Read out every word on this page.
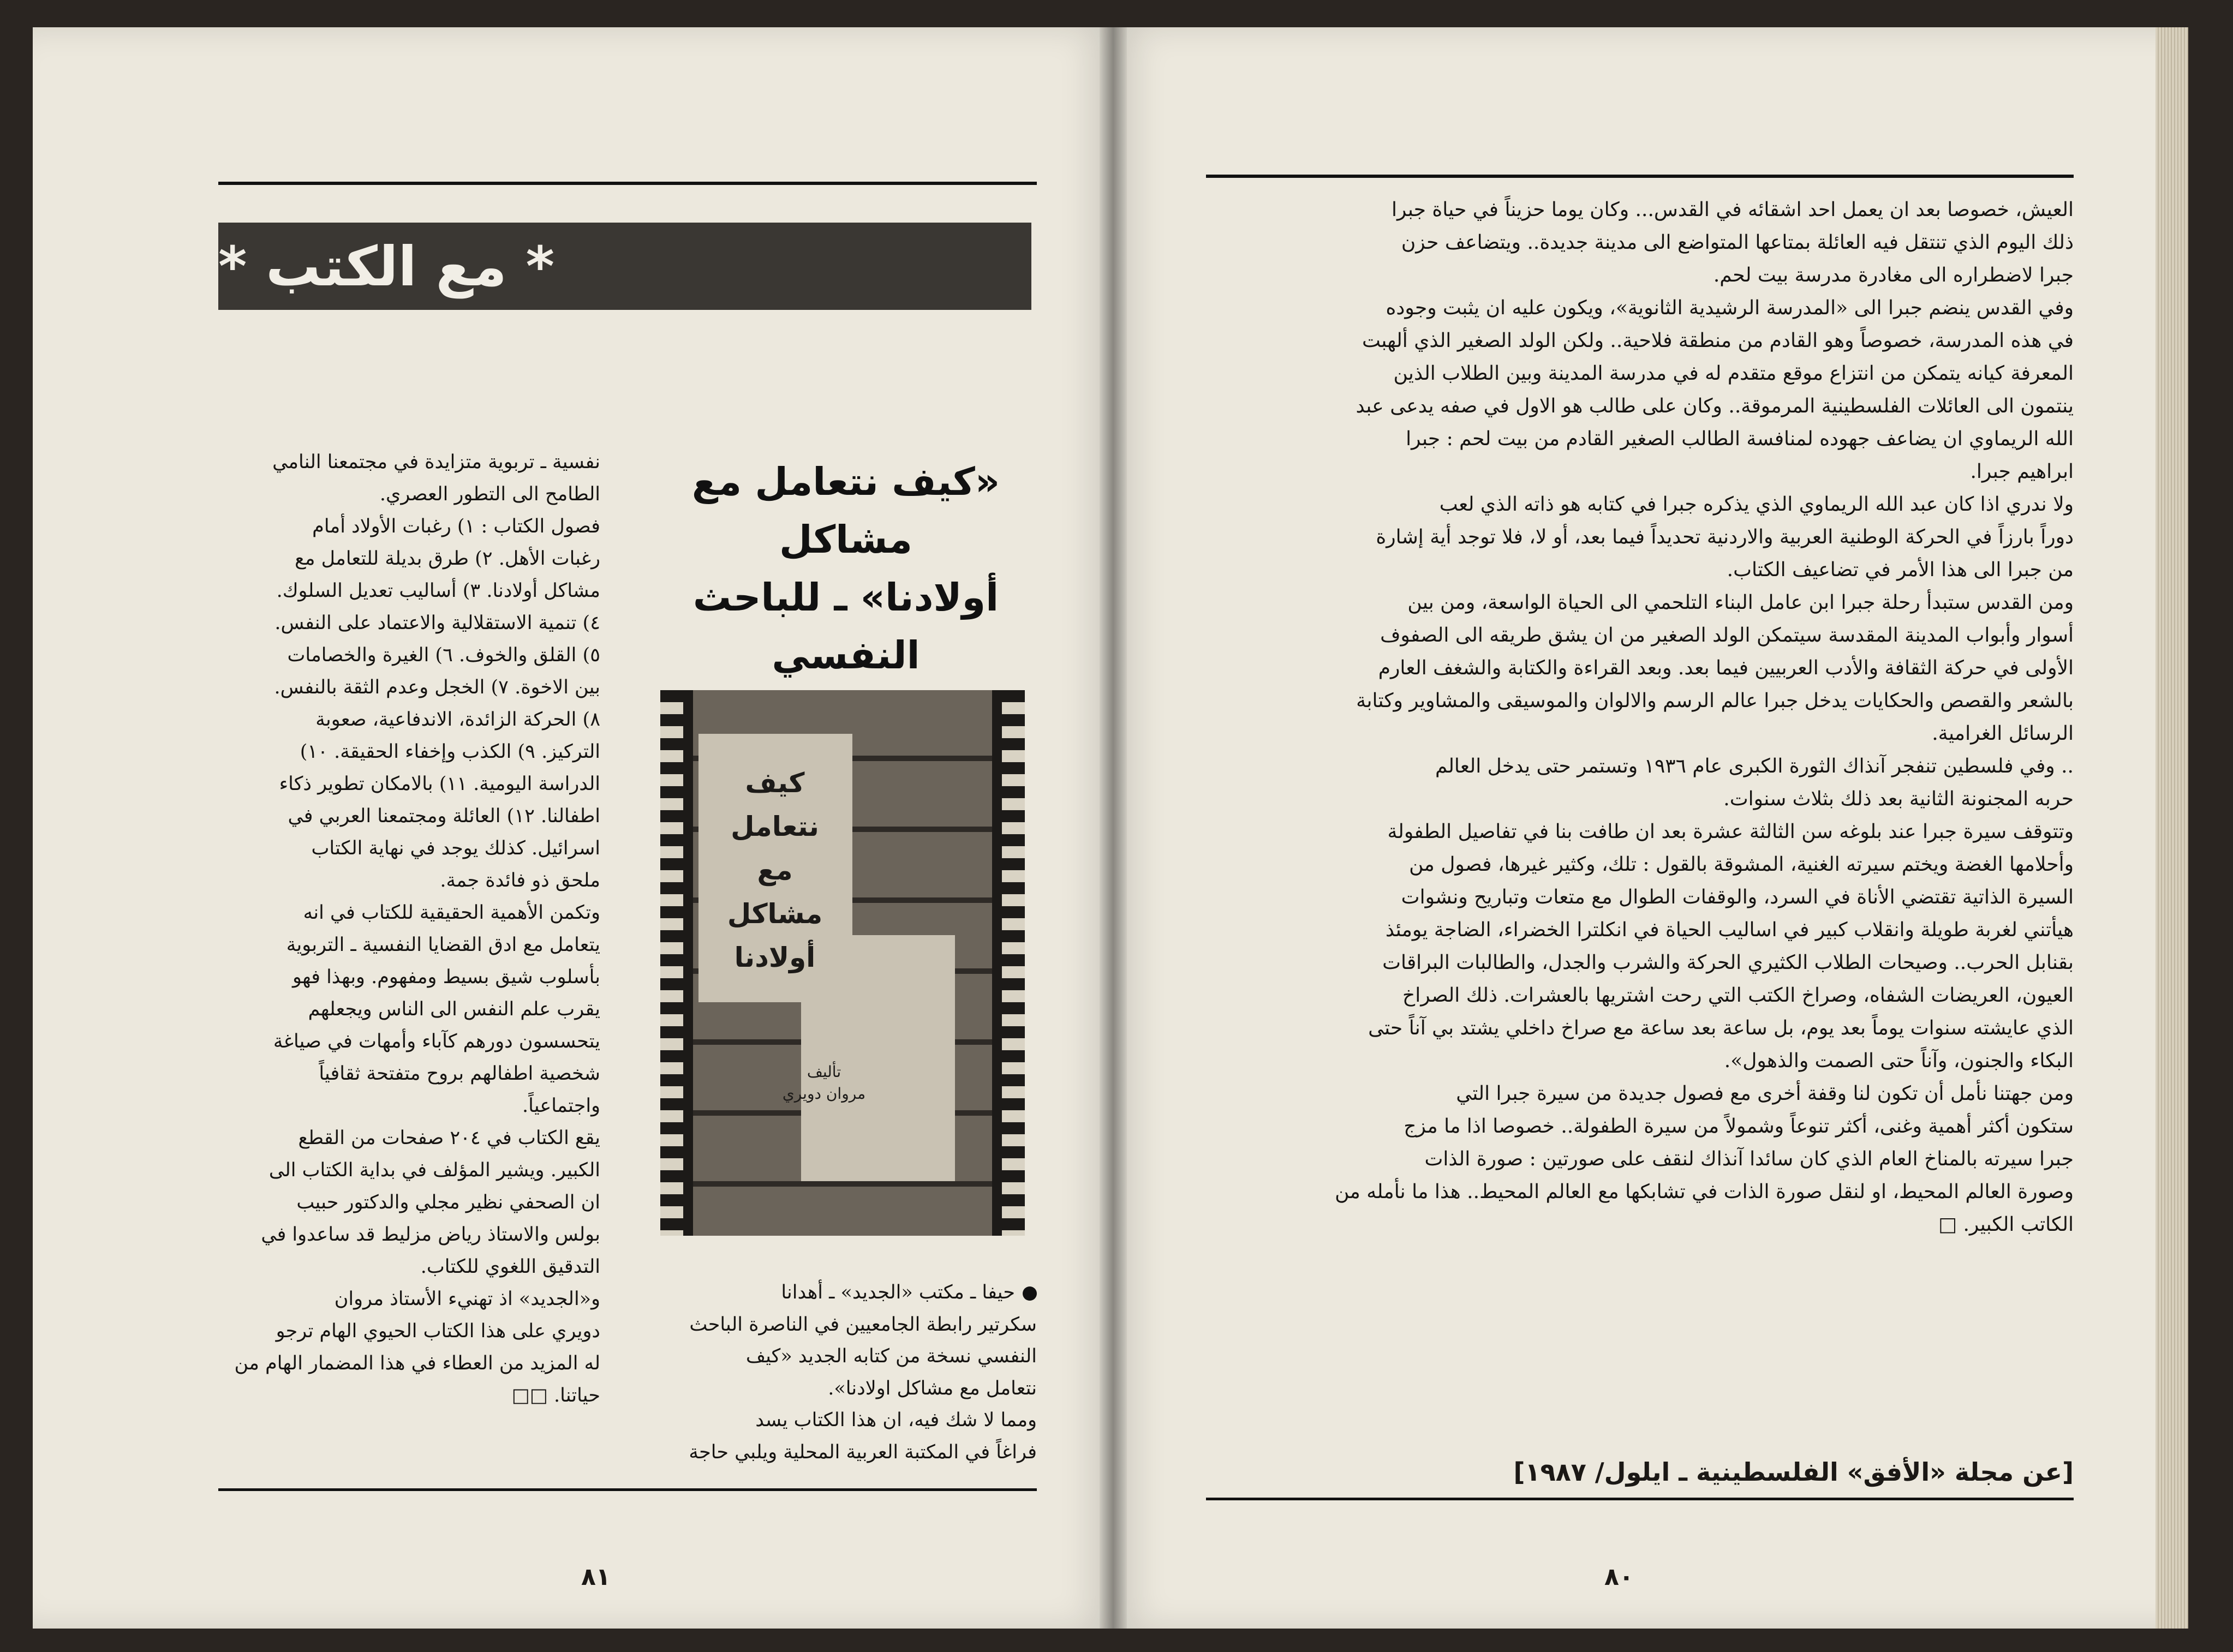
* مع الكتب *
«كيف نتعامل مع مشاكل
أولادنا» ـ للباحث النفسي
كيف نتعامل
مع مشاكل
أولادنا
تأليف
مروان دويري
حيفا ـ مكتب «الجديد» ـ أهدانا
سكرتير رابطة الجامعيين في الناصرة الباحث
النفسي نسخة من كتابه الجديد «كيف
نتعامل مع مشاكل اولادنا».
ومما لا شك فيه، ان هذا الكتاب يسد
فراغاً في المكتبة العربية المحلية ويلبي حاجة
نفسية ـ تربوية متزايدة في مجتمعنا النامي
الطامح الى التطور العصري.
فصول الكتاب : ١) رغبات الأولاد أمام
رغبات الأهل. ٢) طرق بديلة للتعامل مع
مشاكل أولادنا. ٣) أساليب تعديل السلوك.
٤) تنمية الاستقلالية والاعتماد على النفس.
٥) القلق والخوف. ٦) الغيرة والخصامات
بين الاخوة. ٧) الخجل وعدم الثقة بالنفس.
٨) الحركة الزائدة، الاندفاعية، صعوبة
التركيز. ٩) الكذب وإخفاء الحقيقة. ١٠)
الدراسة اليومية. ١١) بالامكان تطوير ذكاء
اطفالنا. ١٢) العائلة ومجتمعنا العربي في
اسرائيل. كذلك يوجد في نهاية الكتاب
ملحق ذو فائدة جمة.
وتكمن الأهمية الحقيقية للكتاب في انه
يتعامل مع ادق القضايا النفسية ـ التربوية
بأسلوب شيق بسيط ومفهوم. وبهذا فهو
يقرب علم النفس الى الناس ويجعلهم
يتحسسون دورهم كآباء وأمهات في صياغة
شخصية اطفالهم بروح متفتحة ثقافياً
واجتماعياً.
يقع الكتاب في ٢٠٤ صفحات من القطع
الكبير. ويشير المؤلف في بداية الكتاب الى
ان الصحفي نظير مجلي والدكتور حبيب
بولس والاستاذ رياض مزليط قد ساعدوا في
التدقيق اللغوي للكتاب.
و«الجديد» اذ تهنيء الأستاذ مروان
دويري على هذا الكتاب الحيوي الهام ترجو
له المزيد من العطاء في هذا المضمار الهام من
حياتنا. □□
٨١
العيش، خصوصا بعد ان يعمل احد اشقائه في القدس... وكان يوما حزيناً في حياة جبرا
ذلك اليوم الذي تنتقل فيه العائلة بمتاعها المتواضع الى مدينة جديدة.. ويتضاعف حزن
جبرا لاضطراره الى مغادرة مدرسة بيت لحم.
وفي القدس ينضم جبرا الى «المدرسة الرشيدية الثانوية»، ويكون عليه ان يثبت وجوده
في هذه المدرسة، خصوصاً وهو القادم من منطقة فلاحية.. ولكن الولد الصغير الذي ألهبت
المعرفة كيانه يتمكن من انتزاع موقع متقدم له في مدرسة المدينة وبين الطلاب الذين
ينتمون الى العائلات الفلسطينية المرموقة.. وكان على طالب هو الاول في صفه يدعى عبد
الله الريماوي ان يضاعف جهوده لمنافسة الطالب الصغير القادم من بيت لحم : جبرا
ابراهيم جبرا.
ولا ندري اذا كان عبد الله الريماوي الذي يذكره جبرا في كتابه هو ذاته الذي لعب
دوراً بارزاً في الحركة الوطنية العربية والاردنية تحديداً فيما بعد، أو لا، فلا توجد أية إشارة
من جبرا الى هذا الأمر في تضاعيف الكتاب.
ومن القدس ستبدأ رحلة جبرا ابن عامل البناء التلحمي الى الحياة الواسعة، ومن بين
أسوار وأبواب المدينة المقدسة سيتمكن الولد الصغير من ان يشق طريقه الى الصفوف
الأولى في حركة الثقافة والأدب العربيين فيما بعد. وبعد القراءة والكتابة والشغف العارم
بالشعر والقصص والحكايات يدخل جبرا عالم الرسم والالوان والموسيقى والمشاوير وكتابة
الرسائل الغرامية.
.. وفي فلسطين تنفجر آنذاك الثورة الكبرى عام ١٩٣٦ وتستمر حتى يدخل العالم
حربه المجنونة الثانية بعد ذلك بثلاث سنوات.
وتتوقف سيرة جبرا عند بلوغه سن الثالثة عشرة بعد ان طافت بنا في تفاصيل الطفولة
وأحلامها الغضة ويختم سيرته الغنية، المشوقة بالقول : تلك، وكثير غيرها، فصول من
السيرة الذاتية تقتضي الأناة في السرد، والوقفات الطوال مع متعات وتباريح ونشوات
هيأتني لغربة طويلة وانقلاب كبير في اساليب الحياة في انكلترا الخضراء، الضاجة يومئذ
بقنابل الحرب.. وصيحات الطلاب الكثيري الحركة والشرب والجدل، والطالبات البراقات
العيون، العريضات الشفاه، وصراخ الكتب التي رحت اشتريها بالعشرات. ذلك الصراخ
الذي عايشته سنوات يوماً بعد يوم، بل ساعة بعد ساعة مع صراخ داخلي يشتد بي آناً حتى
البكاء والجنون، وآناً حتى الصمت والذهول».
ومن جهتنا نأمل أن تكون لنا وقفة أخرى مع فصول جديدة من سيرة جبرا التي
ستكون أكثر أهمية وغنى، أكثر تنوعاً وشمولاً من سيرة الطفولة.. خصوصا اذا ما مزج
جبرا سيرته بالمناخ العام الذي كان سائدا آنذاك لنقف على صورتين : صورة الذات
وصورة العالم المحيط، او لنقل صورة الذات في تشابكها مع العالم المحيط.. هذا ما نأمله من
الكاتب الكبير. □
[عن مجلة «الأفق» الفلسطينية ـ ايلول/ ١٩٨٧]
٨٠
